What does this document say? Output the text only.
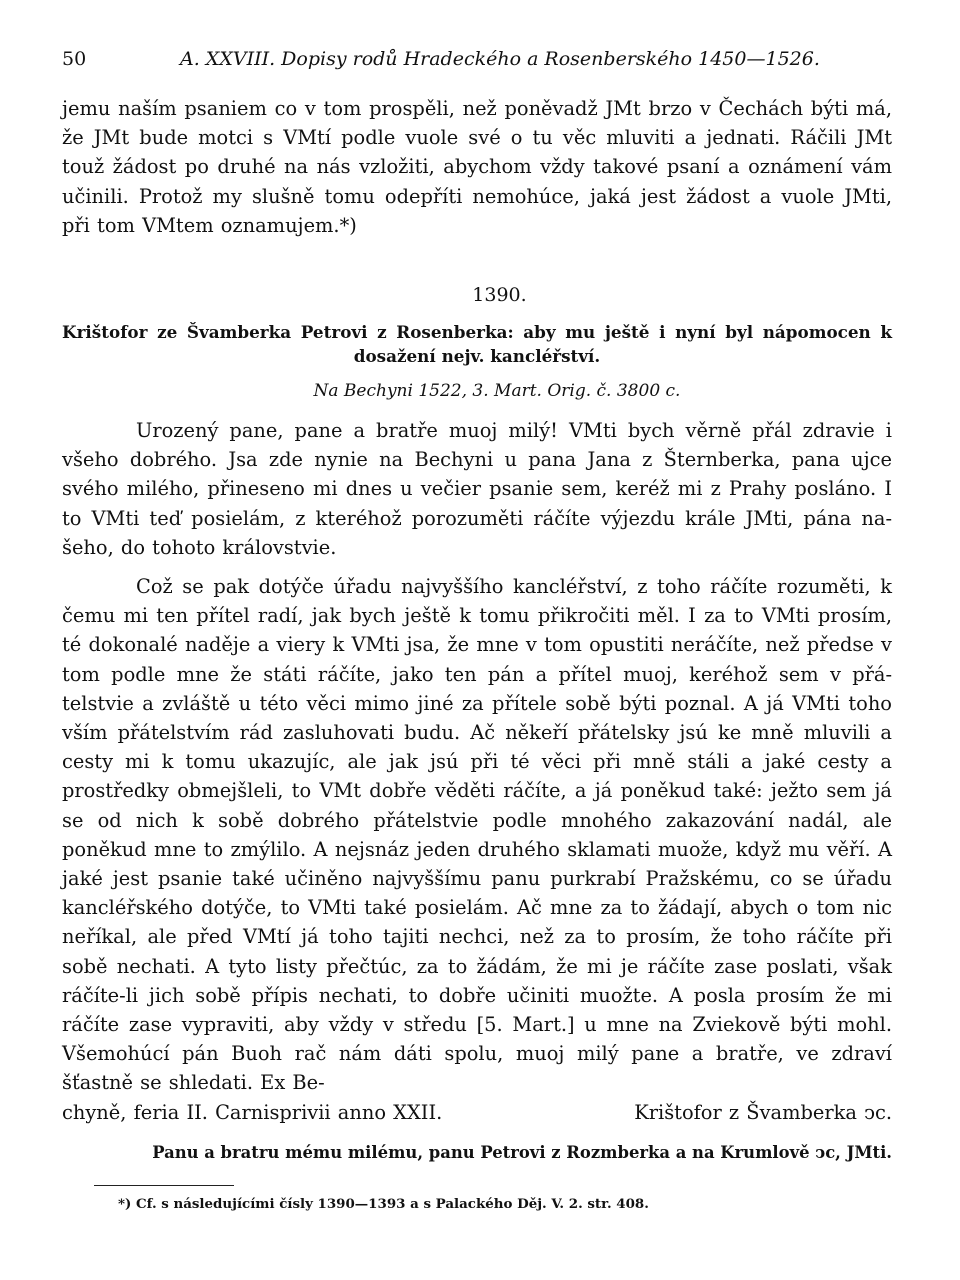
50	A. XXVIII. Dopisy rodů Hradeckého a Rosenberského 1450—1526.

jemu naším psaniem co v tom prospěli, než poněvadž JMt brzo v Čechách býti má, že JMt bude motci s VMtí podle vuole své o tu věc mluviti a jednati. Ráčili JMt touž žádost po druhé na nás vzložiti, abychom vždy takové psaní a oznámení vám učinili. Protož my slušně tomu odepříti nemohúce, jaká jest žádost a vuole JMti, při tom VMtem oznamujem.*)

1390.
Krištofor ze Švamberka Petrovi z Rosenberka: aby mu ještě i nyní byl nápomocen k dosažení nejv. kancléřství.
Na Bechyni 1522, 3. Mart. Orig. č. 3800 c.

Urozený pane, pane a bratře muoj milý! VMti bych věrně přál zdravie i všeho dobrého. Jsa zde nynie na Bechyni u pana Jana z Šternberka, pana ujce svého milého, přineseno mi dnes u večier psanie sem, keréž mi z Prahy posláno. I to VMti teď posielám, z kteréhož porozuměti ráčíte výjezdu krále JMti, pána na- šeho, do tohoto královstvie.

Což se pak dotýče úřadu najvyššího kancléřství, z toho ráčíte rozuměti, k čemu mi ten přítel radí, jak bych ještě k tomu přikročiti měl. I za to VMti prosím, té dokonalé naděje a viery k VMti jsa, že mne v tom opustiti neráčíte, než předse v tom podle mne že státi ráčíte, jako ten pán a přítel muoj, keréhož sem v přá- telstvie a zvláště u této věci mimo jiné za přítele sobě býti poznal. A já VMti toho vším přátelstvím rád zasluhovati budu. Ač někeří přátelsky jsú ke mně mluvili a cesty mi k tomu ukazujíc, ale jak jsú při té věci při mně stáli a jaké cesty a prostředky obmejšleli, to VMt dobře věděti ráčíte, a já poněkud také: ježto sem já se od nich k sobě dobrého přátelstvie podle mnohého zakazování nadál, ale poněkud mne to zmýlilo. A nejsnáz jeden druhého sklamati muože, když mu věří. A jaké jest psanie také učiněno najvyššímu panu purkrabí Pražskému, co se úřadu kancléřského dotýče, to VMti také posielám. Ač mne za to žádají, abych o tom nic neříkal, ale před VMtí já toho tajiti nechci, než za to prosím, že toho ráčíte při sobě nechati. A tyto listy přečtúc, za to žádám, že mi je ráčíte zase poslati, však ráčíte-li jich sobě přípis nechati, to dobře učiniti muožte. A posla prosím že mi ráčíte zase vypraviti, aby vždy v středu [5. Mart.] u mne na Zviekově býti mohl. Všemohúcí pán Buoh rač nám dáti spolu, muoj milý pane a bratře, ve zdraví šťastně se shledati. Ex Be-

chyně, feria II. Carnisprivii anno XXII.	Krištofor z Švamberka ͻc.
Panu a bratru mému milému, panu Petrovi z Rozmberka a na Krumlově ͻc, JMti.
*) Cf. s následujícími čísly 1390—1393 a s Palackého Děj. V. 2. str. 408.
